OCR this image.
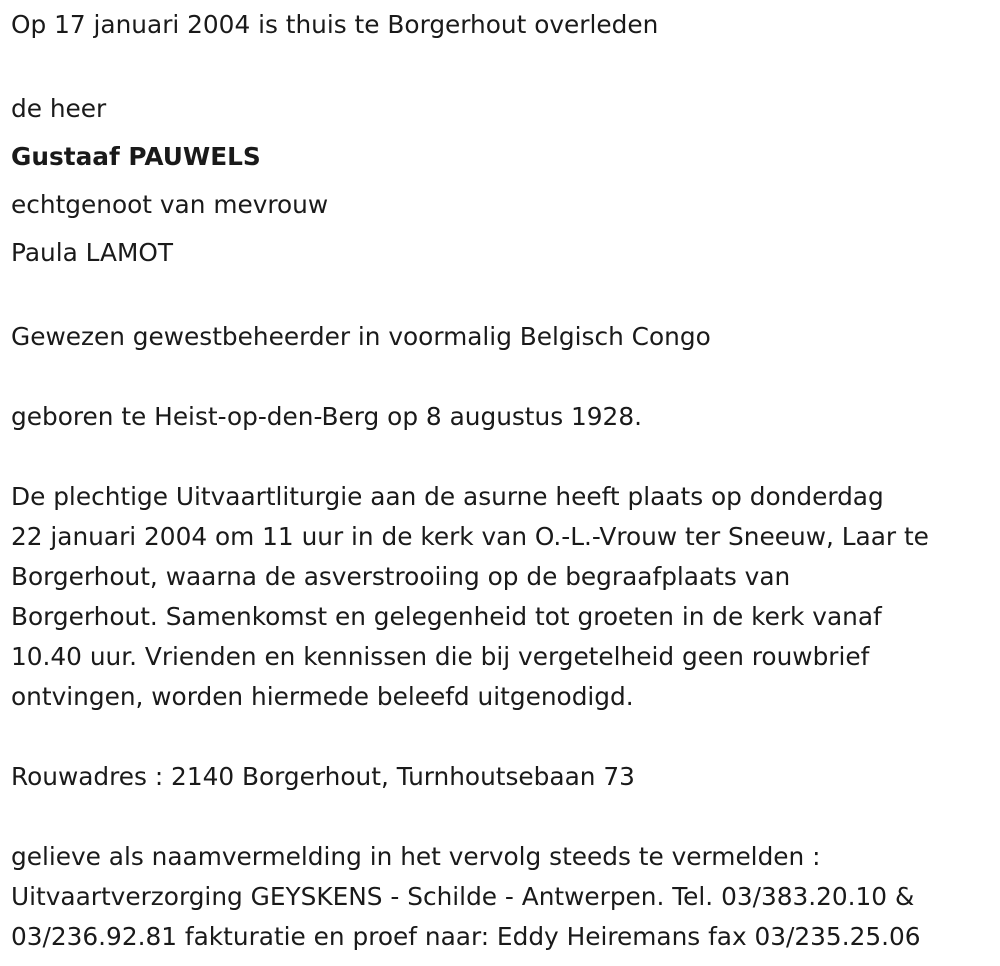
Op 17 januari 2004 is thuis te Borgerhout overleden
de heer
Gustaaf PAUWELS
echtgenoot van mevrouw
Paula LAMOT
Gewezen gewestbeheerder in voormalig Belgisch Congo
geboren te Heist-op-den-Berg op 8 augustus 1928.
De plechtige Uitvaartliturgie aan de asurne heeft plaats op donderdag
22 januari 2004 om 11 uur in de kerk van O.-L.-Vrouw ter Sneeuw, Laar te
Borgerhout, waarna de asverstrooiing op de begraafplaats van
Borgerhout. Samenkomst en gelegenheid tot groeten in de kerk vanaf
10.40 uur. Vrienden en kennissen die bij vergetelheid geen rouwbrief
ontvingen, worden hiermede beleefd uitgenodigd.
Rouwadres : 2140 Borgerhout, Turnhoutsebaan 73
gelieve als naamvermelding in het vervolg steeds te vermelden :
Uitvaartverzorging GEYSKENS - Schilde - Antwerpen. Tel. 03/383.20.10 &
03/236.92.81 fakturatie en proef naar: Eddy Heiremans fax 03/235.25.06
